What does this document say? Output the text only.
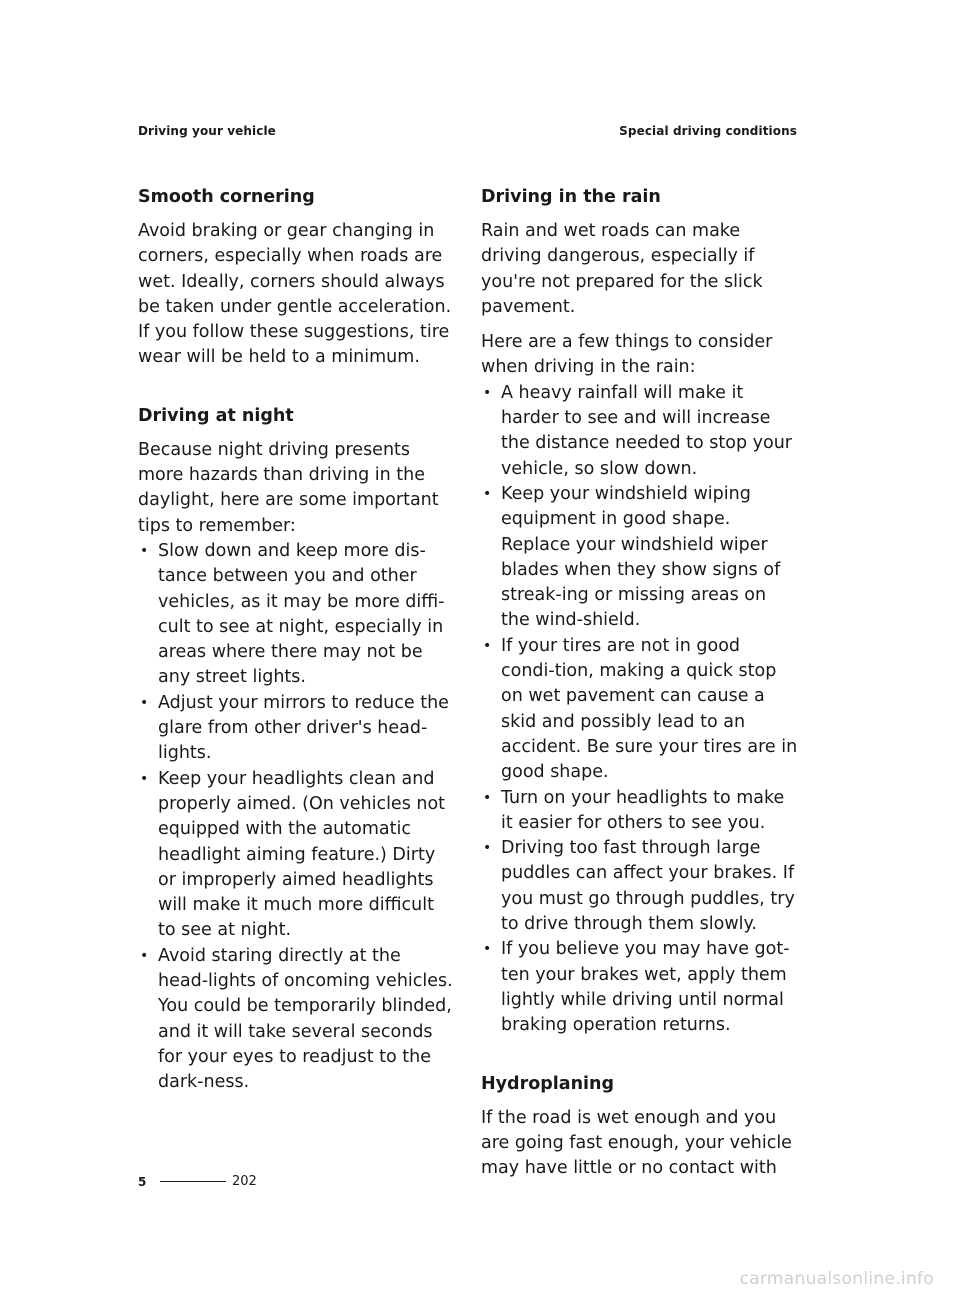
Driving your vehicle	Special driving conditions
Smooth cornering

Avoid braking or gear changing in corners, especially when roads are wet. Ideally, corners should always be taken under gentle acceleration. If you follow these suggestions, tire wear will be held to a minimum.

Driving at night

Because night driving presents more hazards than driving in the daylight, here are some important tips to remember:

• Slow down and keep more dis-tance between you and other vehicles, as it may be more diffi-cult to see at night, especially in areas where there may not be any street lights.
• Adjust your mirrors to reduce the glare from other driver's head-lights.
• Keep your headlights clean and properly aimed. (On vehicles not equipped with the automatic headlight aiming feature.) Dirty or improperly aimed headlights will make it much more difficult to see at night.
• Avoid staring directly at the head-lights of oncoming vehicles. You could be temporarily blinded, and it will take several seconds for your eyes to readjust to the dark-ness.
Driving in the rain

Rain and wet roads can make driving dangerous, especially if you're not prepared for the slick pavement.

Here are a few things to consider when driving in the rain:

• A heavy rainfall will make it harder to see and will increase the distance needed to stop your vehicle, so slow down.
• Keep your windshield wiping equipment in good shape. Replace your windshield wiper blades when they show signs of streak-ing or missing areas on the wind-shield.
• If your tires are not in good condi-tion, making a quick stop on wet pavement can cause a skid and possibly lead to an accident. Be sure your tires are in good shape.
• Turn on your headlights to make it easier for others to see you.
• Driving too fast through large puddles can affect your brakes. If you must go through puddles, try to drive through them slowly.
• If you believe you may have got-ten your brakes wet, apply them lightly while driving until normal braking operation returns.
Hydroplaning

If the road is wet enough and you are going fast enough, your vehicle may have little or no contact with

5	202
carmanualsonline.info
